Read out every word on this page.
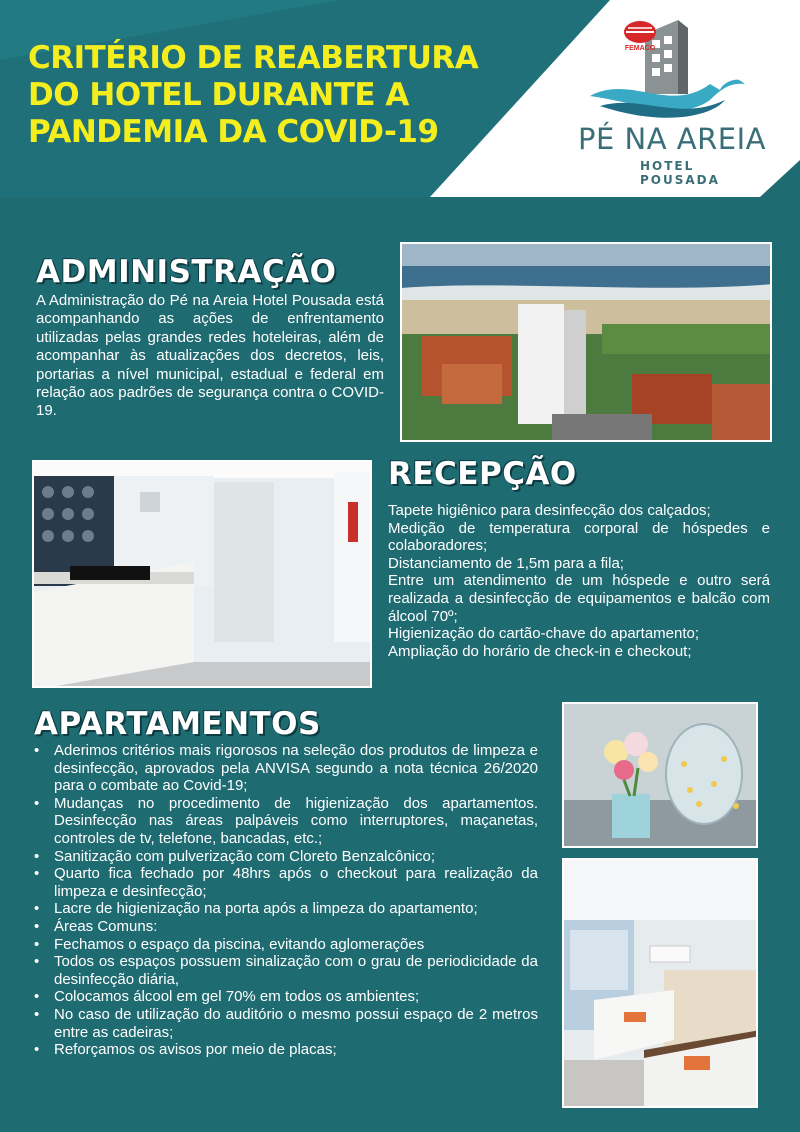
CRITÉRIO DE REABERTURA DO HOTEL DURANTE A PANDEMIA DA COVID-19
FEMACO
PÉ NA AREIA
HOTEL POUSADA
ADMINISTRAÇÃO

A Administração do Pé na Areia Hotel Pousada está acompanhando as ações de enfrentamento utilizadas pelas grandes redes hoteleiras, além de acompanhar às atualizações dos decretos, leis, portarias a nível municipal, estadual e federal em relação aos padrões de segurança contra o COVID-19.

RECEPÇÃO
Tapete higiênico para desinfecção dos calçados;
Medição de temperatura corporal de hóspedes e colaboradores;
Distanciamento de 1,5m para a fila;
Entre um atendimento de um hóspede e outro será realizada a desinfecção de equipamentos e balcão com álcool 70º;
Higienização do cartão-chave do apartamento;
Ampliação do horário de check-in e checkout;
APARTAMENTOS
• Aderimos critérios mais rigorosos na seleção dos produtos de limpeza e desinfecção, aprovados pela ANVISA segundo a nota técnica 26/2020 para o combate ao Covid-19;
• Mudanças no procedimento de higienização dos apartamentos. Desinfecção nas áreas palpáveis como interruptores, maçanetas, controles de tv, telefone, bancadas, etc.;
• Sanitização com pulverização com Cloreto Benzalcônico;
• Quarto fica fechado por 48hrs após o checkout para realização da limpeza e desinfecção;
• Lacre de higienização na porta após a limpeza do apartamento;
• Áreas Comuns:
• Fechamos o espaço da piscina, evitando aglomerações
• Todos os espaços possuem sinalização com o grau de periodicidade da desinfecção diária,
• Colocamos álcool em gel 70% em todos os ambientes;
• No caso de utilização do auditório o mesmo possui espaço de 2 metros entre as cadeiras;
• Reforçamos os avisos por meio de placas;
